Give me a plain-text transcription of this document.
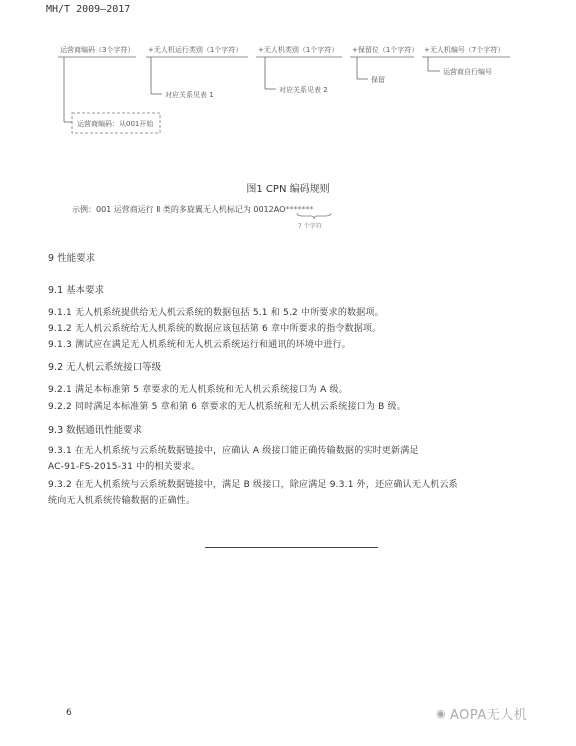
MH/T 2009—2017
运营商编码（3个字符） +无人机运行类别（1个字符） +无人机类别（1个字符） +保留位（1个字符） +无人机编号（7个字符）
对应关系见表 1
对应关系见表 2
保留
运营商自行编号
运营商编码：从001开始
图1 CPN 编码规则
示例：001 运营商运行 Ⅱ 类的多旋翼无人机标记为 0012AO*******
7 个字符
9 性能要求
9.1 基本要求
9.1.1 无人机系统提供给无人机云系统的数据包括 5.1 和 5.2 中所要求的数据项。
9.1.2 无人机云系统给无人机系统的数据应该包括第 6 章中所要求的指令数据项。
9.1.3 测试应在满足无人机系统和无人机云系统运行和通讯的环境中进行。
9.2 无人机云系统接口等级
9.2.1 满足本标准第 5 章要求的无人机系统和无人机云系统接口为 A 级。
9.2.2 同时满足本标准第 5 章和第 6 章要求的无人机系统和无人机云系统接口为 B 级。
9.3 数据通讯性能要求
9.3.1 在无人机系统与云系统数据链接中，应确认 A 级接口能正确传输数据的实时更新满足
AC-91-FS-2015-31 中的相关要求。
9.3.2 在无人机系统与云系统数据链接中，满足 B 级接口，除应满足 9.3.1 外，还应确认无人机云系
统向无人机系统传输数据的正确性。
6	◉ AOPA无人机
